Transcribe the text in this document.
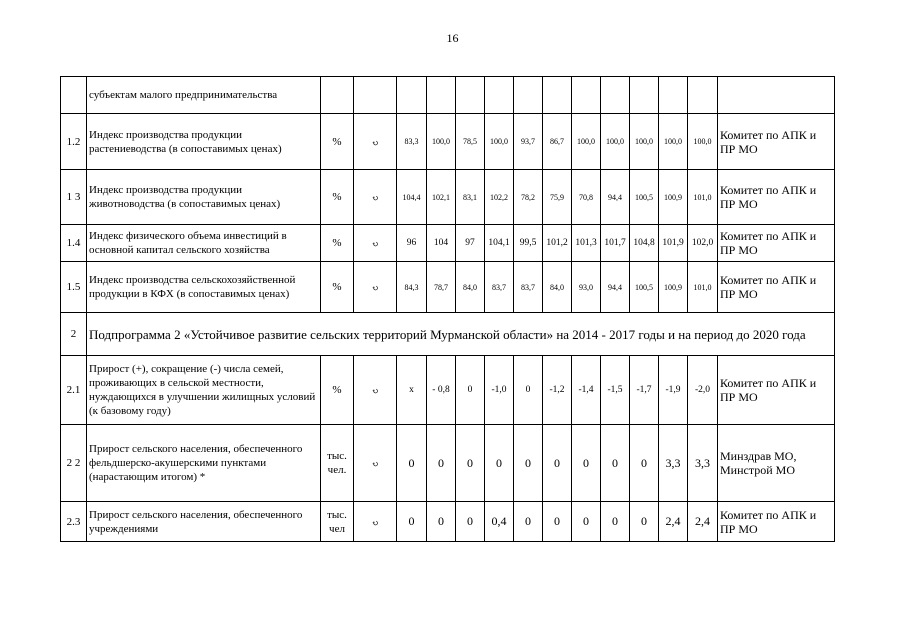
16
	субъектам малого предпринимательства														
1.2	Индекс производства продукции растениеводства (в сопоставимых ценах)	%	↻	83,3	100,0	78,5	100,0	93,7	86,7	100,0	100,0	100,0	100,0	100,0	Комитет по АПК и ПР МО
1 3	Индекс производства продукции животноводства (в сопоставимых ценах)	%	↻	104,4	102,1	83,1	102,2	78,2	75,9	70,8	94,4	100,5	100,9	101,0	Комитет по АПК и ПР МО
1.4	Индекс физического объема инвестиций в основной капитал сельского хозяйства	%	↻	96	104	97	104,1	99,5	101,2	101,3	101,7	104,8	101,9	102,0	Комитет по АПК и ПР МО
1.5	Индекс производства сельскохозяйственной продукции в КФХ (в сопоставимых ценах)	%	↻	84,3	78,7	84,0	83,7	83,7	84,0	93,0	94,4	100,5	100,9	101,0	Комитет по АПК и ПР МО
2	Подпрограмма 2 «Устойчивое развитие сельских территорий Мурманской области» на 2014 - 2017 годы и на период до 2020 года														
2.1	Прирост (+), сокращение (-) числа семей, проживающих в сельской местности, нуждающихся в улучшении жилищных условий (к базовому году)	%	↻	x	- 0,8	0	-1,0	0	-1,2	-1,4	-1,5	-1,7	-1,9	-2,0	Комитет по АПК и ПР МО
2 2	Прирост сельского населения, обеспеченного фельдшерско-акушерскими пунктами (нарастающим итогом) *	тыс. чел.	↻	0	0	0	0	0	0	0	0	0	3,3	3,3	Минздрав МО, Минстрой МО
2.3	Прирост сельского населения, обеспеченного учреждениями	тыс. чел	↻	0	0	0	0,4	0	0	0	0	0	2,4	2,4	Комитет по АПК и ПР МО
